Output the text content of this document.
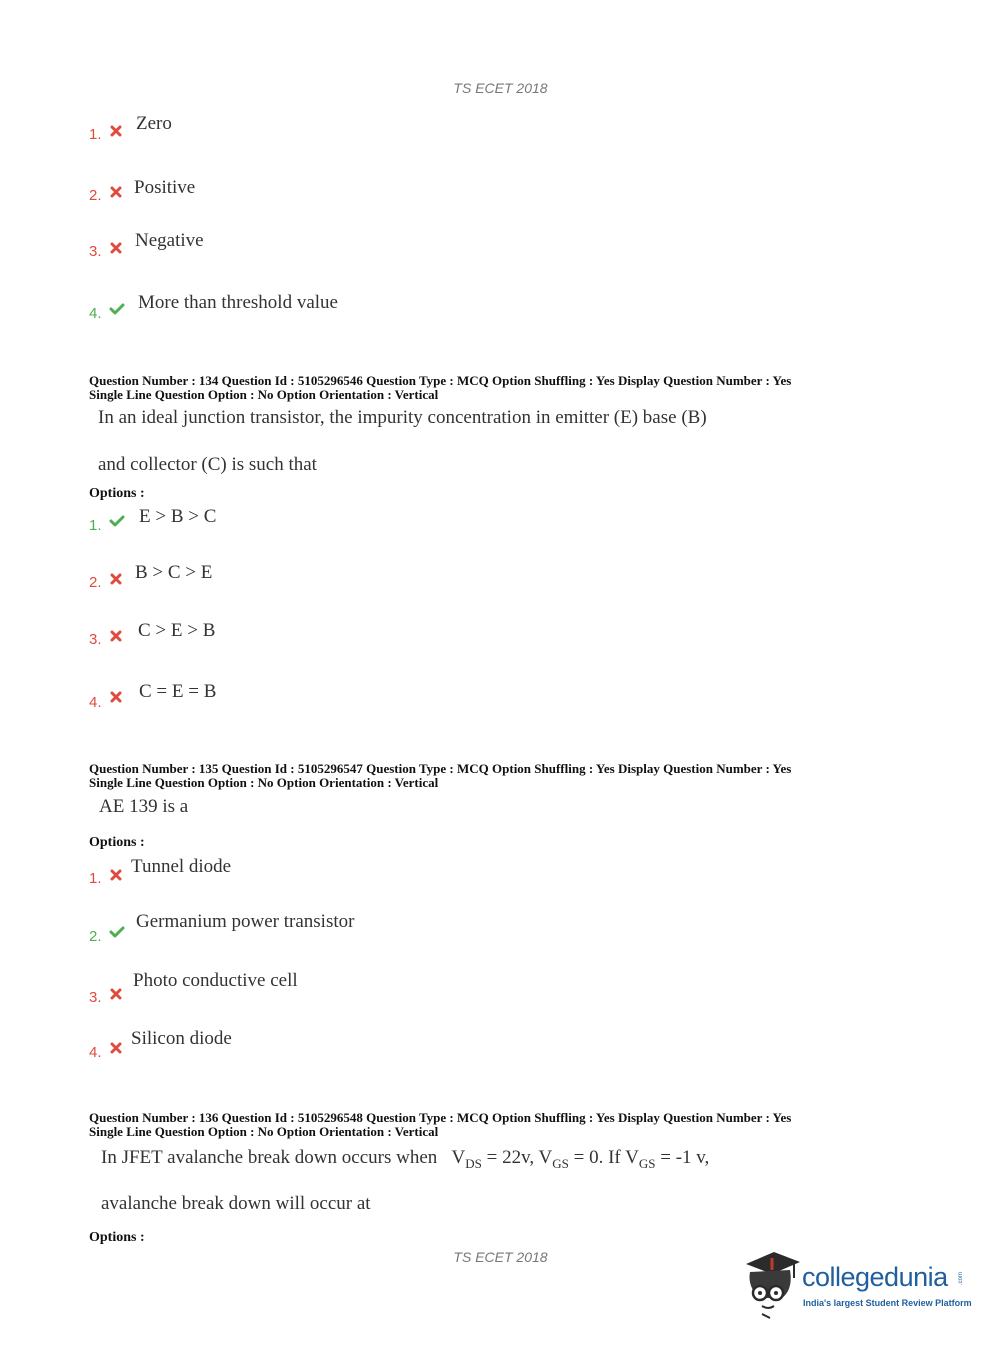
TS ECET 2018
1.
Zero
2. Positive
3.
Negative
4.
More than threshold value
Question Number : 134 Question Id : 5105296546 Question Type : MCQ Option Shuffling : Yes Display Question Number : Yes
Single Line Question Option : No Option Orientation : Vertical
In an ideal junction transistor, the impurity concentration in emitter (E) base (B)
and collector (C) is such that
Options :
1. E > B > C
2. B > C > E
3. C > E > B
4.
C = E = B
Question Number : 135 Question Id : 5105296547 Question Type : MCQ Option Shuffling : Yes Display Question Number : Yes
Single Line Question Option : No Option Orientation : Vertical
AE 139 is a
Options :
1.
Tunnel diode
2.
Germanium power transistor
3.
Photo conductive cell
4.
Silicon diode
Question Number : 136 Question Id : 5105296548 Question Type : MCQ Option Shuffling : Yes Display Question Number : Yes
Single Line Question Option : No Option Orientation : Vertical
In JFET avalanche break down occurs when $V_{DS} = 22v$, $V_{GS} = 0$. If $V_{GS} = -1$ v,
avalanche break down will occur at
Options :
TS ECET 2018
collegedunia .com
India's largest Student Review Platform
